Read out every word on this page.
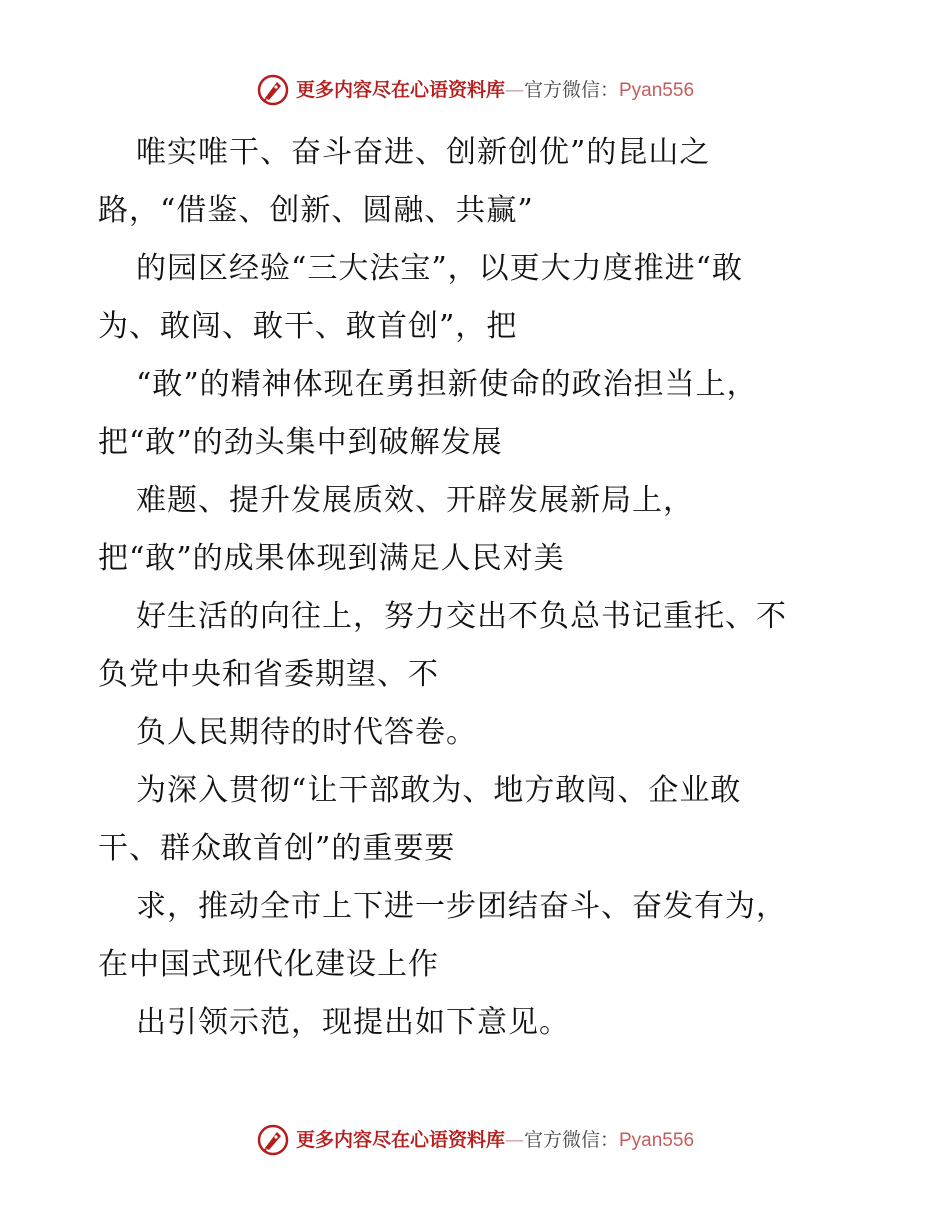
更多内容尽在心语资料库 — 官方微信： Pyan556
唯实唯干、奋斗奋进、创新创优”的昆山之
路，“借鉴、创新、圆融、共赢”
的园区经验“三大法宝”，以更大力度推进“敢
为、敢闯、敢干、敢首创”，把
“敢”的精神体现在勇担新使命的政治担当上，
把“敢”的劲头集中到破解发展
难题、提升发展质效、开辟发展新局上，
把“敢”的成果体现到满足人民对美
好生活的向往上，努力交出不负总书记重托、不
负党中央和省委期望、不
负人民期待的时代答卷。
为深入贯彻“让干部敢为、地方敢闯、企业敢
干、群众敢首创”的重要要
求，推动全市上下进一步团结奋斗、奋发有为，
在中国式现代化建设上作
出引领示范，现提出如下意见。
更多内容尽在心语资料库 — 官方微信： Pyan556
